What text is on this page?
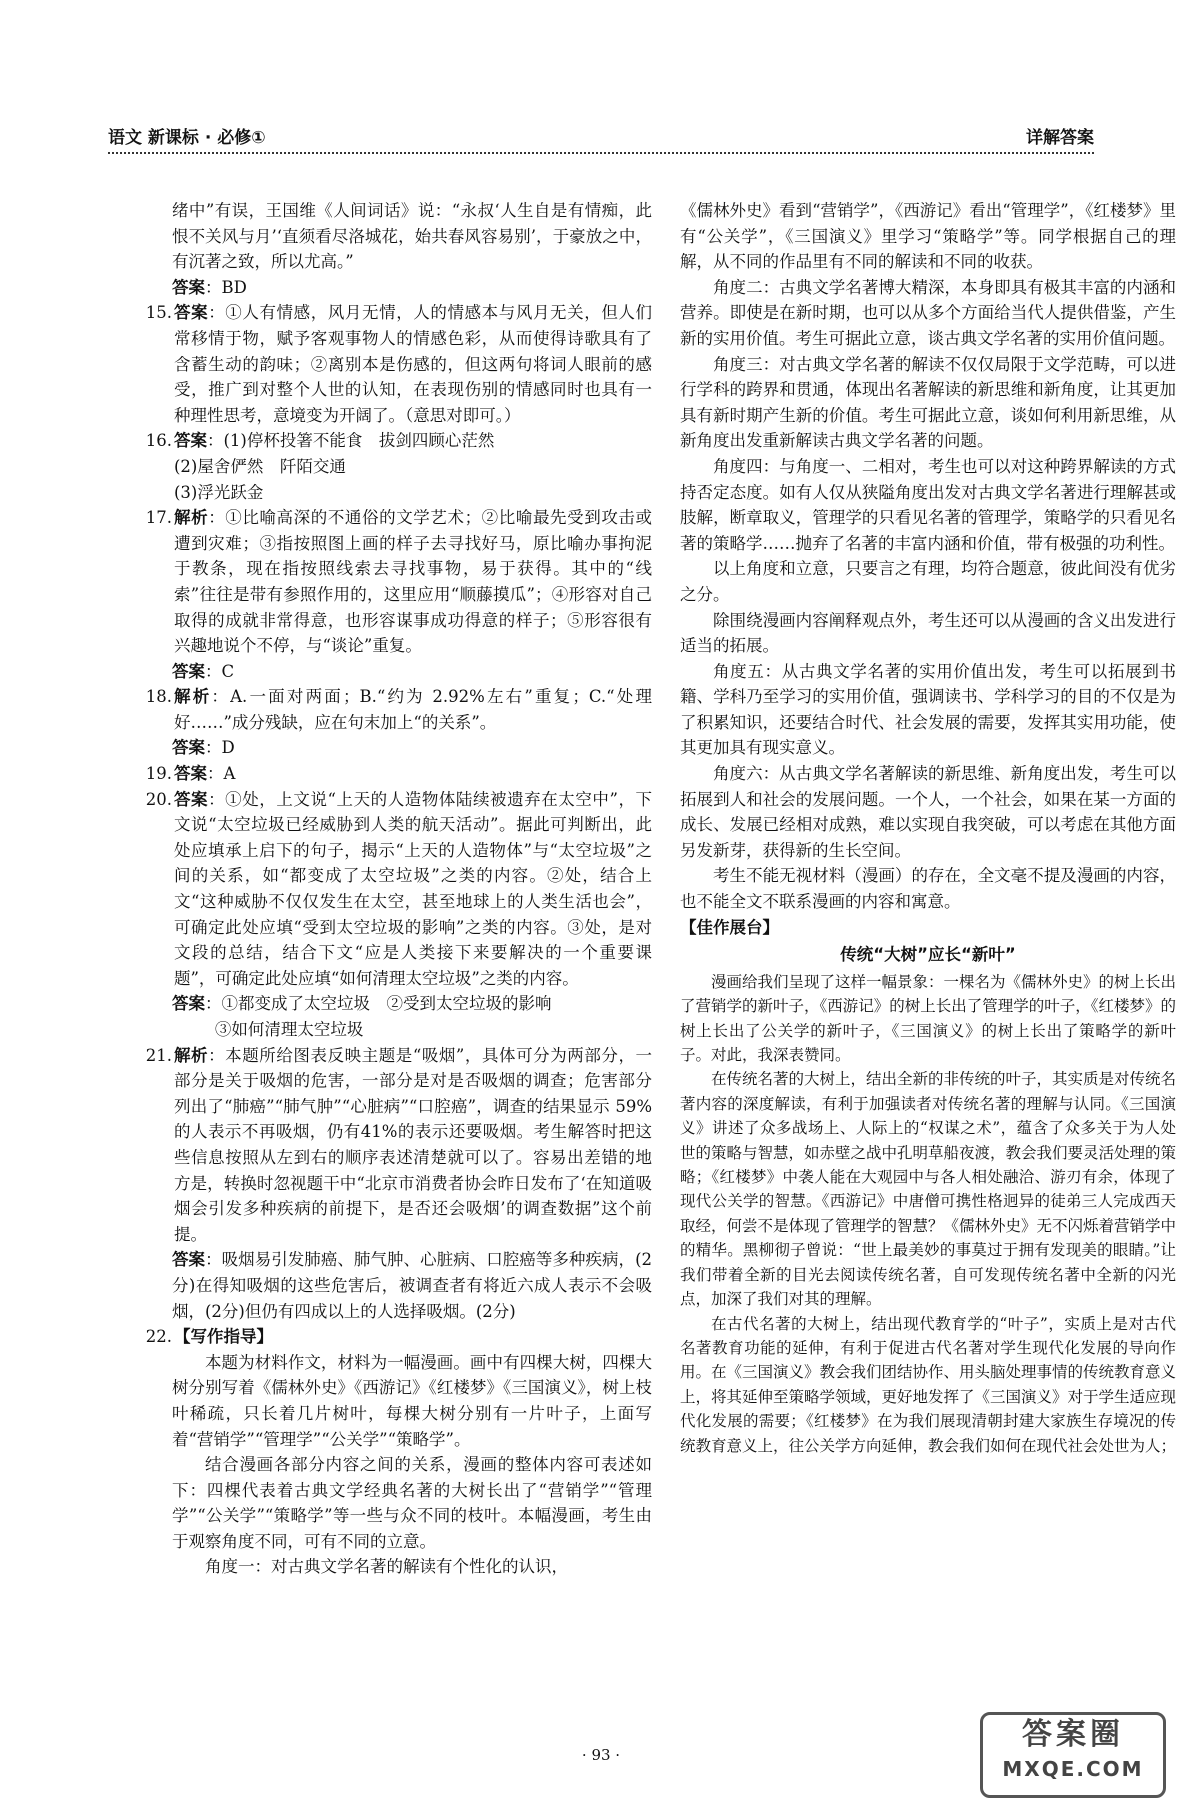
语文 新课标 · 必修①	详解答案

绪中”有误，王国维《人间词话》说：“永叔‘人生自是有情痴，此恨不关风与月’‘直须看尽洛城花，始共春风容易别’，于豪放之中，有沉著之致，所以尤高。”

答案：BD

15. 答案：①人有情感，风月无情，人的情感本与风月无关，但人们常移情于物，赋予客观事物人的情感色彩，从而使得诗歌具有了含蓄生动的韵味；②离别本是伤感的，但这两句将词人眼前的感受，推广到对整个人世的认知，在表现伤别的情感同时也具有一种理性思考，意境变为开阔了。（意思对即可。）
16. 答案：(1)停杯投箸不能食　拔剑四顾心茫然
(2)屋舍俨然　阡陌交通
(3)浮光跃金
17. 解析：①比喻高深的不通俗的文学艺术；②比喻最先受到攻击或遭到灾难；③指按照图上画的样子去寻找好马，原比喻办事拘泥于教条，现在指按照线索去寻找事物，易于获得。其中的“线索”往往是带有参照作用的，这里应用“顺藤摸瓜”；④形容对自己取得的成就非常得意，也形容谋事成功得意的样子；⑤形容很有兴趣地说个不停，与“谈论”重复。

答案：C

18. 解析：A.一面对两面；B.“约为 2.92%左右”重复；C.“处理好……”成分残缺，应在句末加上“的关系”。

答案：D

19. 答案：A
20. 答案：①处，上文说“上天的人造物体陆续被遗弃在太空中”，下文说“太空垃圾已经威胁到人类的航天活动”。据此可判断出，此处应填承上启下的句子，揭示“上天的人造物体”与“太空垃圾”之间的关系，如“都变成了太空垃圾”之类的内容。②处，结合上文“这种威胁不仅仅发生在太空，甚至地球上的人类生活也会”，可确定此处应填“受到太空垃圾的影响”之类的内容。③处，是对文段的总结，结合下文“应是人类接下来要解决的一个重要课题”，可确定此处应填“如何清理太空垃圾”之类的内容。
答案：①都变成了太空垃圾　②受到太空垃圾的影响
③如何清理太空垃圾
21. 解析：本题所给图表反映主题是“吸烟”，具体可分为两部分，一部分是关于吸烟的危害，一部分是对是否吸烟的调查；危害部分列出了“肺癌”“肺气肿”“心脏病”“口腔癌”，调查的结果显示 59%的人表示不再吸烟，仍有41%的表示还要吸烟。考生解答时把这些信息按照从左到右的顺序表述清楚就可以了。容易出差错的地方是，转换时忽视题干中“北京市消费者协会昨日发布了‘在知道吸烟会引发多种疾病的前提下，是否还会吸烟’的调查数据”这个前提。

答案：吸烟易引发肺癌、肺气肿、心脏病、口腔癌等多种疾病，(2分)在得知吸烟的这些危害后，被调查者有将近六成人表示不会吸烟，(2分)但仍有四成以上的人选择吸烟。(2分)

22. 【写作指导】

本题为材料作文，材料为一幅漫画。画中有四棵大树，四棵大树分别写着《儒林外史》《西游记》《红楼梦》《三国演义》，树上枝叶稀疏，只长着几片树叶，每棵大树分别有一片叶子，上面写着“营销学”“管理学”“公关学”“策略学”。

结合漫画各部分内容之间的关系，漫画的整体内容可表述如下：四棵代表着古典文学经典名著的大树长出了“营销学”“管理学”“公关学”“策略学”等一些与众不同的枝叶。本幅漫画，考生由于观察角度不同，可有不同的立意。

角度一：对古典文学名著的解读有个性化的认识，

《儒林外史》看到“营销学”，《西游记》看出“管理学”，《红楼梦》里有“公关学”，《三国演义》里学习“策略学”等。同学根据自己的理解，从不同的作品里有不同的解读和不同的收获。

角度二：古典文学名著博大精深，本身即具有极其丰富的内涵和营养。即使是在新时期，也可以从多个方面给当代人提供借鉴，产生新的实用价值。考生可据此立意，谈古典文学名著的实用价值问题。

角度三：对古典文学名著的解读不仅仅局限于文学范畴，可以进行学科的跨界和贯通，体现出名著解读的新思维和新角度，让其更加具有新时期产生新的价值。考生可据此立意，谈如何利用新思维，从新角度出发重新解读古典文学名著的问题。

角度四：与角度一、二相对，考生也可以对这种跨界解读的方式持否定态度。如有人仅从狭隘角度出发对古典文学名著进行理解甚或肢解，断章取义，管理学的只看见名著的管理学，策略学的只看见名著的策略学……抛弃了名著的丰富内涵和价值，带有极强的功利性。

以上角度和立意，只要言之有理，均符合题意，彼此间没有优劣之分。

除围绕漫画内容阐释观点外，考生还可以从漫画的含义出发进行适当的拓展。

角度五：从古典文学名著的实用价值出发，考生可以拓展到书籍、学科乃至学习的实用价值，强调读书、学科学习的目的不仅是为了积累知识，还要结合时代、社会发展的需要，发挥其实用功能，使其更加具有现实意义。

角度六：从古典文学名著解读的新思维、新角度出发，考生可以拓展到人和社会的发展问题。一个人，一个社会，如果在某一方面的成长、发展已经相对成熟，难以实现自我突破，可以考虑在其他方面另发新芽，获得新的生长空间。

考生不能无视材料（漫画）的存在，全文毫不提及漫画的内容，也不能全文不联系漫画的内容和寓意。

【佳作展台】
传统“大树”应长“新叶”

漫画给我们呈现了这样一幅景象：一棵名为《儒林外史》的树上长出了营销学的新叶子，《西游记》的树上长出了管理学的叶子，《红楼梦》的树上长出了公关学的新叶子，《三国演义》的树上长出了策略学的新叶子。对此，我深表赞同。

在传统名著的大树上，结出全新的非传统的叶子，其实质是对传统名著内容的深度解读，有利于加强读者对传统名著的理解与认同。《三国演义》讲述了众多战场上、人际上的“权谋之术”，蕴含了众多关于为人处世的策略与智慧，如赤壁之战中孔明草船夜渡，教会我们要灵活处理的策略；《红楼梦》中袭人能在大观园中与各人相处融洽、游刃有余，体现了现代公关学的智慧。《西游记》中唐僧可携性格迥异的徒弟三人完成西天取经，何尝不是体现了管理学的智慧？《儒林外史》无不闪烁着营销学中的精华。黑柳彻子曾说：“世上最美妙的事莫过于拥有发现美的眼睛。”让我们带着全新的目光去阅读传统名著，自可发现传统名著中全新的闪光点，加深了我们对其的理解。

在古代名著的大树上，结出现代教育学的“叶子”，实质上是对古代名著教育功能的延伸，有利于促进古代名著对学生现代化发展的导向作用。在《三国演义》教会我们团结协作、用头脑处理事情的传统教育意义上，将其延伸至策略学领域，更好地发挥了《三国演义》对于学生适应现代化发展的需要；《红楼梦》在为我们展现清朝封建大家族生存境况的传统教育意义上，往公关学方向延伸，教会我们如何在现代社会处世为人；

· 93 ·
答案圈
MXQE.COM
